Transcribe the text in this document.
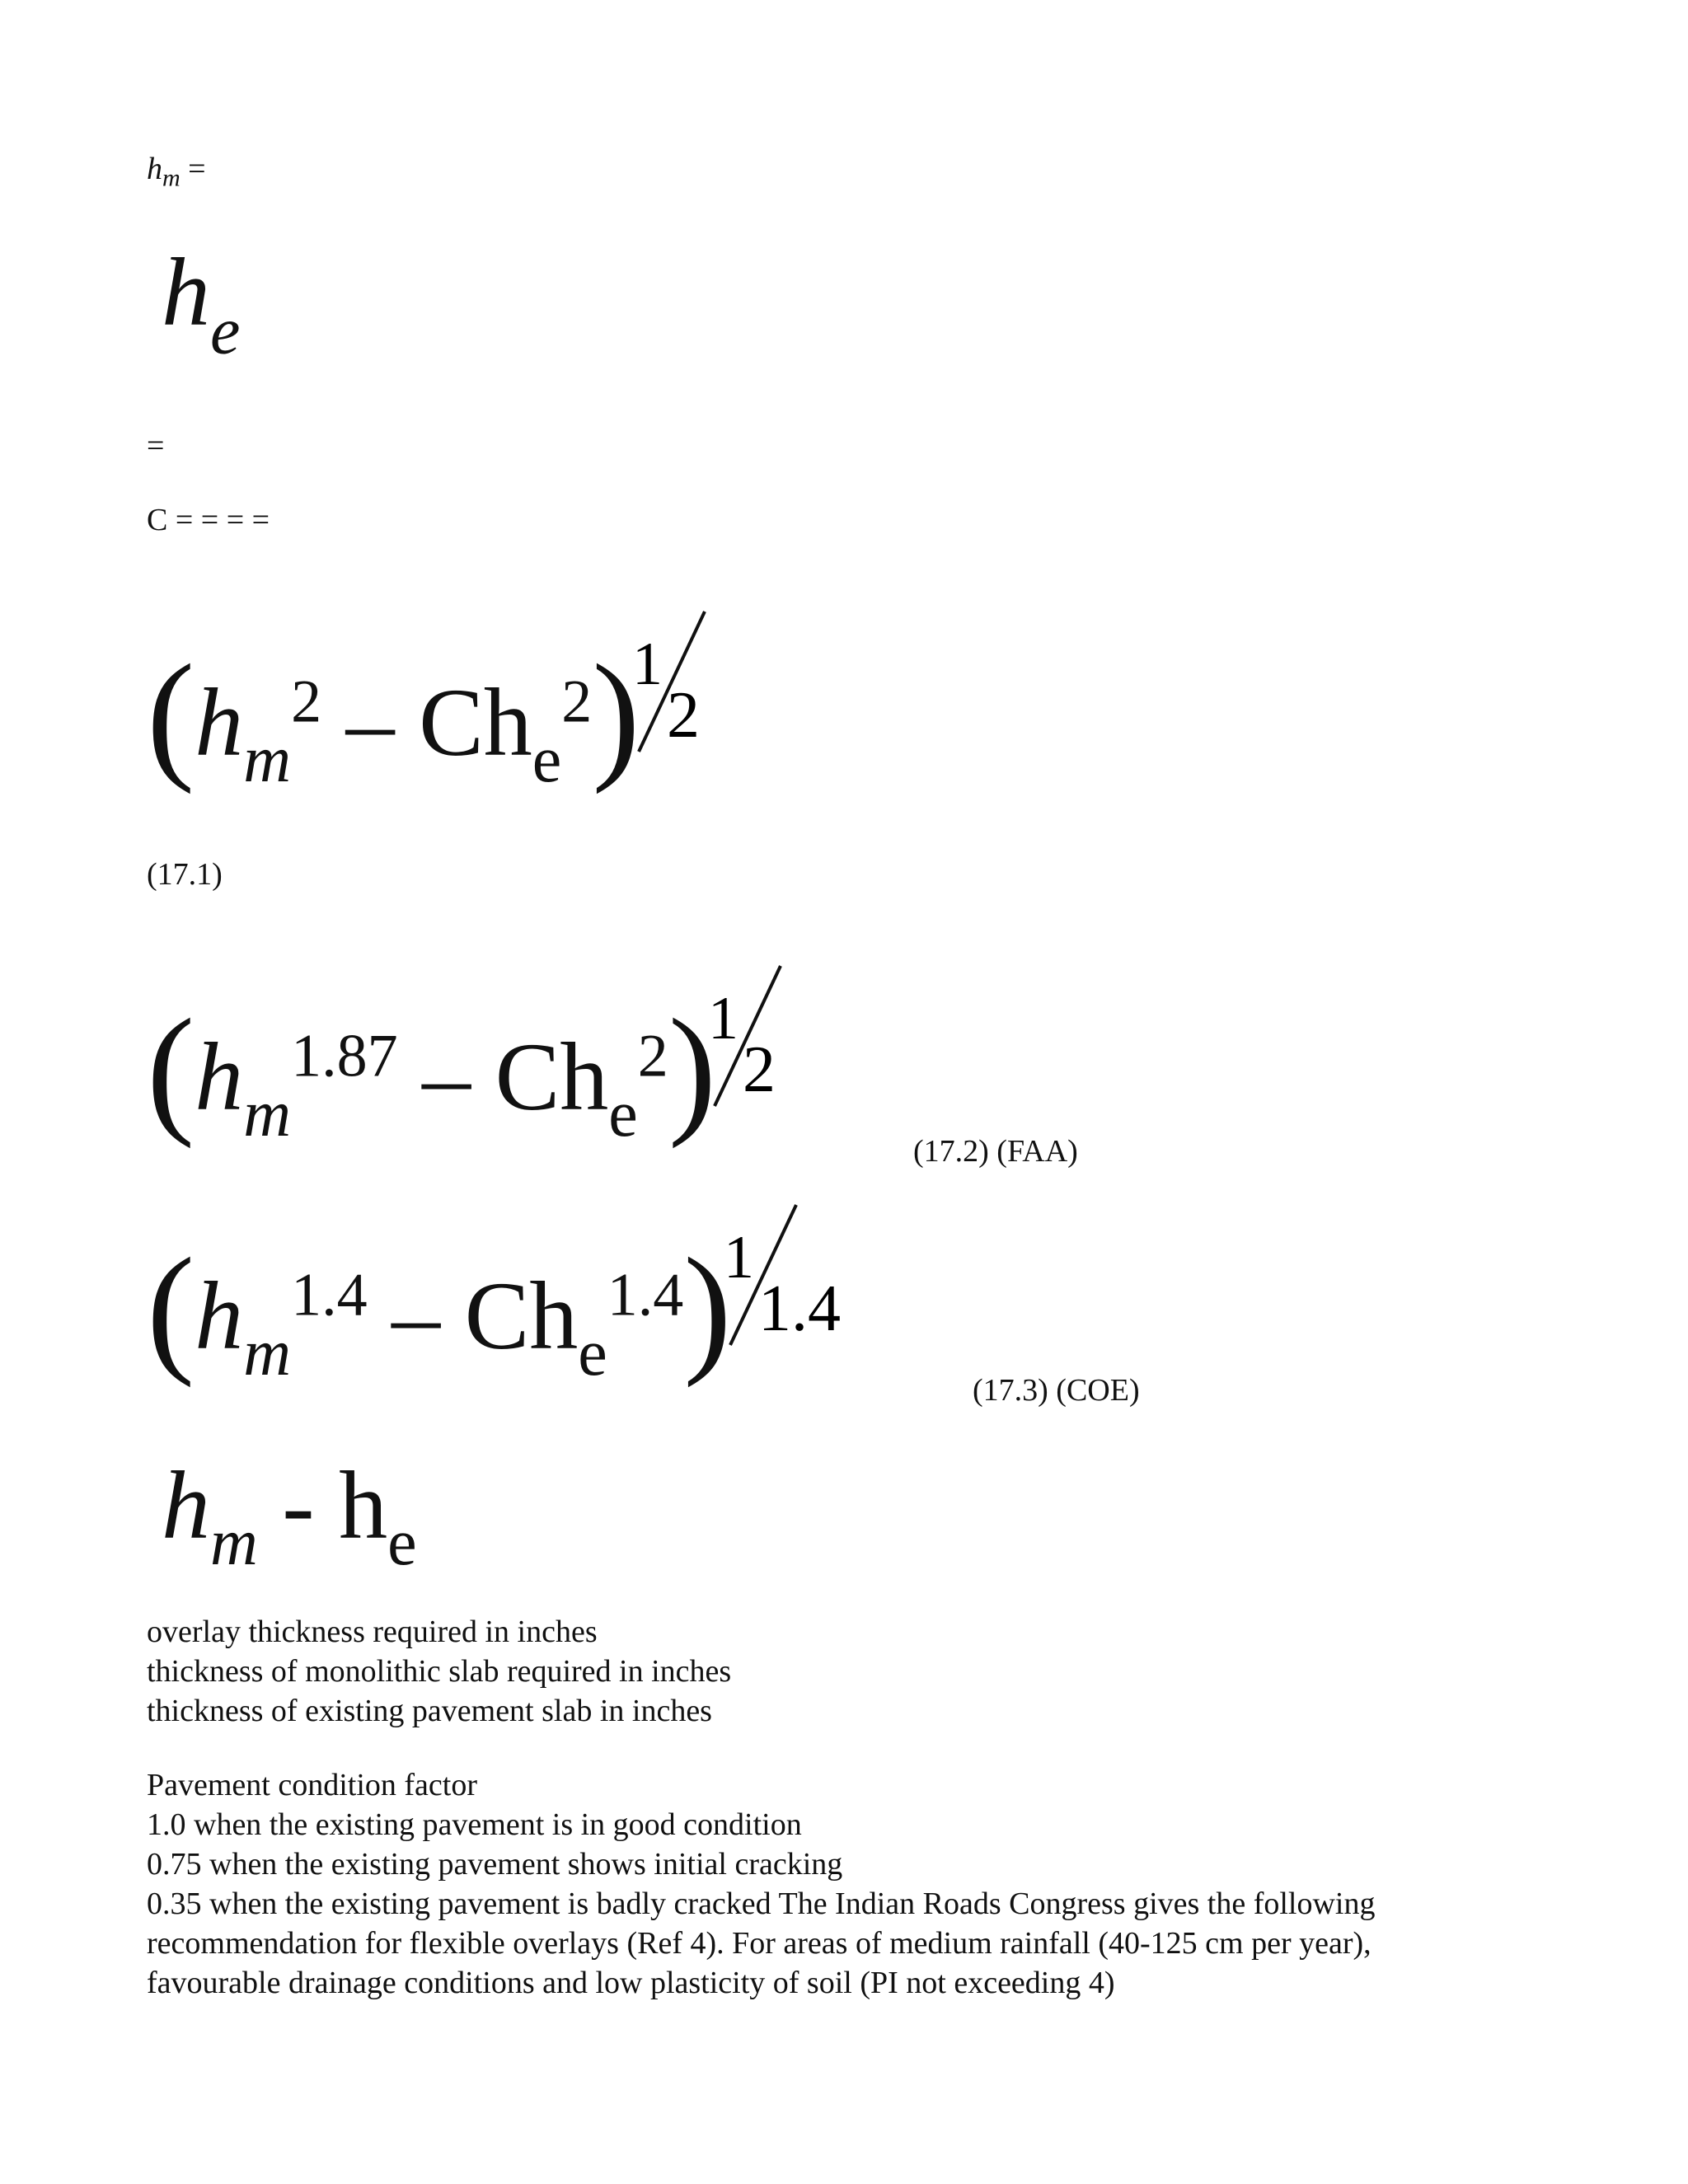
$h_m$ =
$h_e$
=
C = = = =
$(h_m^2 - Ch_e^2)$
1
2
(17.1)
$(h_m^{1.87} - Ch_e^2)$
1
2
(17.2) (FAA)
$(h_m^{1.4} - Ch_e^{1.4})$
1
1.4
(17.3) (COE)
$h_m - h_e$
overlay thickness required in inches
thickness of monolithic slab required in inches
thickness of existing pavement slab in inches
Pavement condition factor
1.0 when the existing pavement is in good condition
0.75 when the existing pavement shows initial cracking
0.35 when the existing pavement is badly cracked The Indian Roads Congress gives the following
recommendation for flexible overlays (Ref 4). For areas of medium rainfall (40-125 cm per year),
favourable drainage conditions and low plasticity of soil (PI not exceeding 4)
